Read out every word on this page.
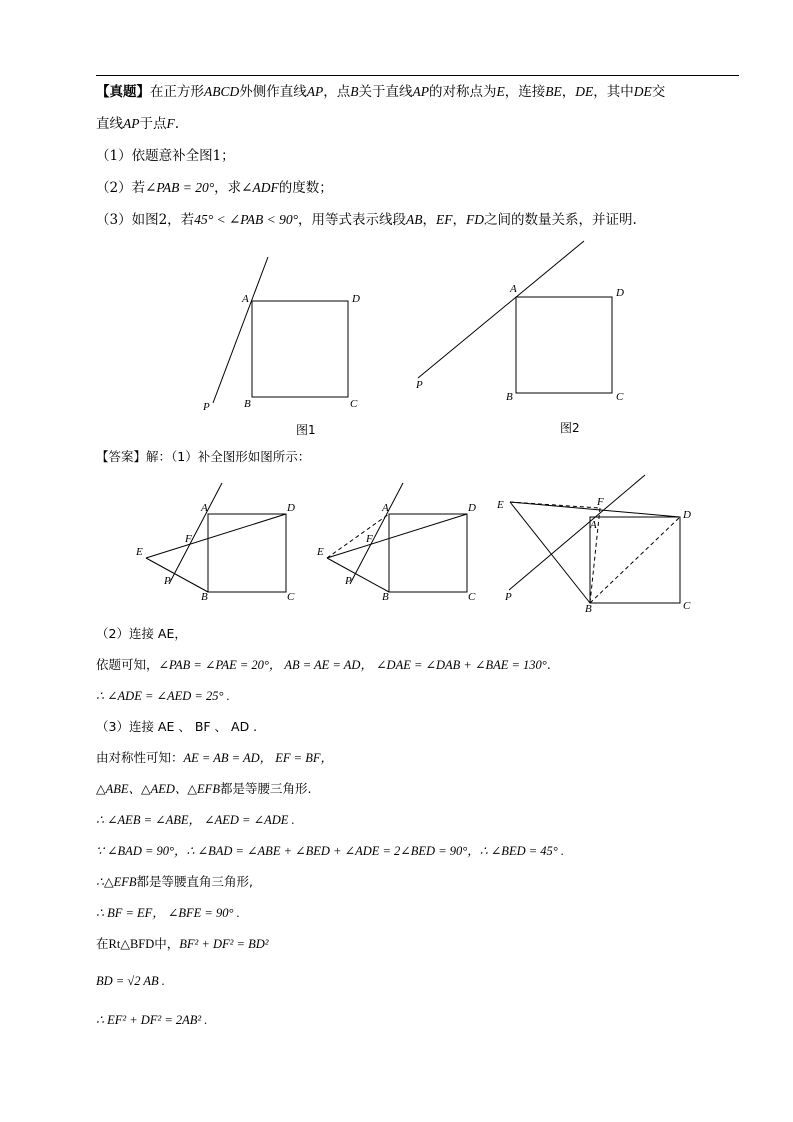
【真题】在正方形ABCD外侧作直线AP，点B关于直线AP的对称点为E，连接BE，DE，其中DE交
直线AP于点F.
（1）依题意补全图1；
（2）若∠PAB = 20°，求∠ADF的度数；
（3）如图2，若45° < ∠PAB < 90°，用等式表示线段AB，EF，FD之间的数量关系，并证明.
A	D
B	C
P
图1
A	D
B	C
P
图2
A	D
B	C
E
F
P
A	D
B	C
E
F
P
A
D
B	C
E	F
P
【答案】解：（1）补全图形如图所示：
（2）连接 AE，
依题可知，∠PAB = ∠PAE = 20°， AB = AE = AD， ∠DAE = ∠DAB + ∠BAE = 130°.
∴ ∠ADE = ∠AED = 25° .
（3）连接 AE 、 BF 、 AD .
由对称性可知：AE = AB = AD， EF = BF，
△ABE、△AED、△EFB都是等腰三角形.
∴ ∠AEB = ∠ABE， ∠AED = ∠ADE .
∵ ∠BAD = 90°，∴ ∠BAD = ∠ABE + ∠BED + ∠ADE = 2∠BED = 90°，∴ ∠BED = 45° .
∴△EFB都是等腰直角三角形,
∴ BF = EF， ∠BFE = 90° .
在Rt△BFD中，BF² + DF² = BD²
BD = √2 AB .
∴ EF² + DF² = 2AB² .
